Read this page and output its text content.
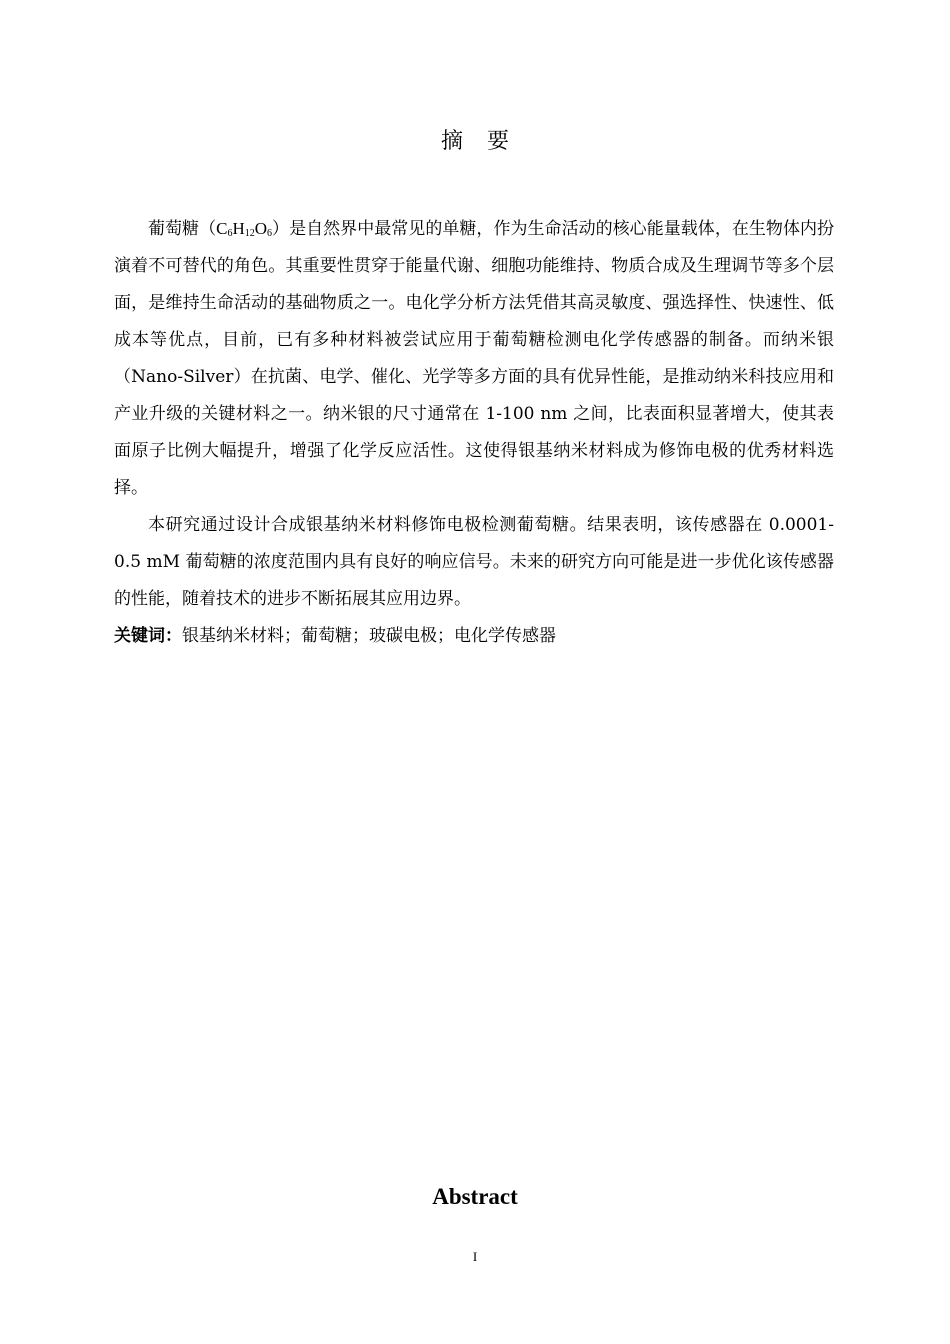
摘要

葡萄糖$(C_6H_{12}O_6)$是自然界中最常见的单糖，作为生命活动的核心能量载体，在生物体内扮演着不可替代的角色。其重要性贯穿于能量代谢、细胞功能维持、物质合成及生理调节等多个层面，是维持生命活动的基础物质之一。电化学分析方法凭借其高灵敏度、强选择性、快速性、低成本等优点，目前，已有多种材料被尝试应用于葡萄糖检测电化学传感器的制备。而纳米银（Nano-Silver）在抗菌、电学、催化、光学等多方面的具有优异性能，是推动纳米科技应用和产业升级的关键材料之一。纳米银的尺寸通常在 1-100 nm 之间，比表面积显著增大，使其表面原子比例大幅提升，增强了化学反应活性。这使得银基纳米材料成为修饰电极的优秀材料选择。

本研究通过设计合成银基纳米材料修饰电极检测葡萄糖。结果表明，该传感器在 0.0001-0.5 mM 葡萄糖的浓度范围内具有良好的响应信号。未来的研究方向可能是进一步优化该传感器的性能，随着技术的进步不断拓展其应用边界。

关键词：银基纳米材料；葡萄糖；玻碳电极；电化学传感器

Abstract
I
